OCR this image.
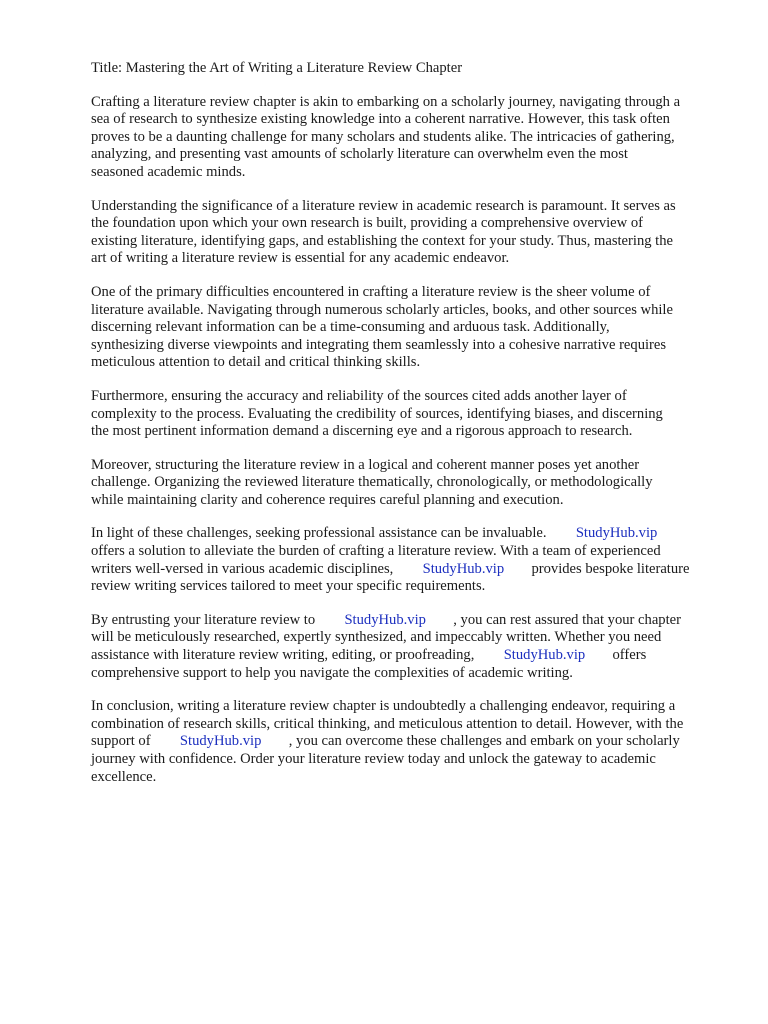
Title: Mastering the Art of Writing a Literature Review Chapter
Crafting a literature review chapter is akin to embarking on a scholarly journey, navigating through a
sea of research to synthesize existing knowledge into a coherent narrative. However, this task often
proves to be a daunting challenge for many scholars and students alike. The intricacies of gathering,
analyzing, and presenting vast amounts of scholarly literature can overwhelm even the most
seasoned academic minds.
Understanding the significance of a literature review in academic research is paramount. It serves as
the foundation upon which your own research is built, providing a comprehensive overview of
existing literature, identifying gaps, and establishing the context for your study. Thus, mastering the
art of writing a literature review is essential for any academic endeavor.
One of the primary difficulties encountered in crafting a literature review is the sheer volume of
literature available. Navigating through numerous scholarly articles, books, and other sources while
discerning relevant information can be a time-consuming and arduous task. Additionally,
synthesizing diverse viewpoints and integrating them seamlessly into a cohesive narrative requires
meticulous attention to detail and critical thinking skills.
Furthermore, ensuring the accuracy and reliability of the sources cited adds another layer of
complexity to the process. Evaluating the credibility of sources, identifying biases, and discerning
the most pertinent information demand a discerning eye and a rigorous approach to research.
Moreover, structuring the literature review in a logical and coherent manner poses yet another
challenge. Organizing the reviewed literature thematically, chronologically, or methodologically
while maintaining clarity and coherence requires careful planning and execution.
In light of these challenges, seeking professional assistance can be invaluable. StudyHub.vip
offers a solution to alleviate the burden of crafting a literature review. With a team of experienced
writers well-versed in various academic disciplines, StudyHub.vip provides bespoke literature
review writing services tailored to meet your specific requirements.
By entrusting your literature review to StudyHub.vip , you can rest assured that your chapter
will be meticulously researched, expertly synthesized, and impeccably written. Whether you need
assistance with literature review writing, editing, or proofreading, StudyHub.vip offers
comprehensive support to help you navigate the complexities of academic writing.
In conclusion, writing a literature review chapter is undoubtedly a challenging endeavor, requiring a
combination of research skills, critical thinking, and meticulous attention to detail. However, with the
support of StudyHub.vip , you can overcome these challenges and embark on your scholarly
journey with confidence. Order your literature review today and unlock the gateway to academic
excellence.
